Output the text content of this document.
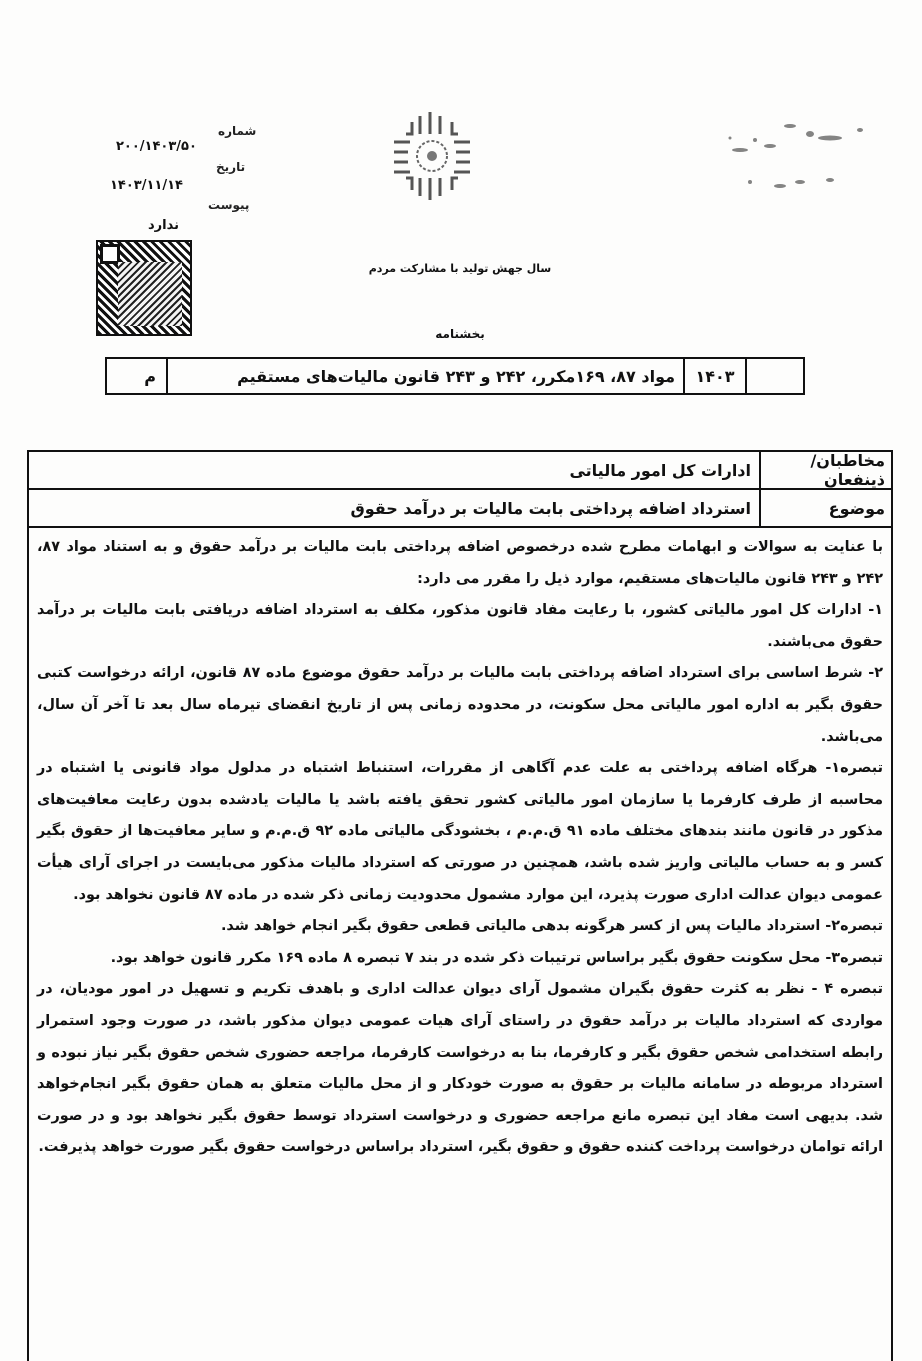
شماره
۲۰۰/۱۴۰۳/۵۰
تاریخ
۱۴۰۳/۱۱/۱۴
پیوست
ندارد
سال جهش تولید با مشارکت مردم
بخشنامه
۱۴۰۳
مواد ۸۷، ۱۶۹مکرر، ۲۴۲ و ۲۴۳ قانون مالیات‌های مستقیم
م
مخاطبان/ ذینفعان
ادارات کل امور مالیاتی
موضوع
استرداد اضافه پرداختی بابت مالیات بر درآمد حقوق

با عنایت به سوالات و ابهامات مطرح شده درخصوص اضافه پرداختی بابت مالیات بر درآمد حقوق و به استناد مواد ۸۷، ۲۴۲ و ۲۴۳ قانون مالیات‌های مستقیم، موارد ذیل را مقرر می دارد:

۱- ادارات کل امور مالیاتی کشور، با رعایت مفاد قانون مذکور، مکلف به استرداد اضافه دریافتی بابت مالیات بر درآمد حقوق می‌باشند.

۲- شرط اساسی برای استرداد اضافه پرداختی بابت مالیات بر درآمد حقوق موضوع ماده ۸۷ قانون، ارائه درخواست کتبی حقوق بگیر به اداره امور مالیاتی محل سکونت، در محدوده زمانی پس از تاریخ انقضای تیرماه سال بعد تا آخر آن سال، می‌باشد.

تبصره۱- هرگاه اضافه پرداختی به علت عدم آگاهی از مقررات، استنباط اشتباه در مدلول مواد قانونی یا اشتباه در محاسبه از طرف کارفرما یا سازمان امور مالیاتی کشور تحقق یافته باشد یا مالیات یادشده بدون رعایت معافیت‌های مذکور در قانون مانند بندهای مختلف ماده ۹۱ ق.م.م ، بخشودگی مالیاتی ماده ۹۲ ق.م.م و سایر معافیت‌ها از حقوق بگیر کسر و به حساب مالیاتی واریز شده باشد، همچنین در صورتی که استرداد مالیات مذکور می‌بایست در اجرای آرای هیأت عمومی دیوان عدالت اداری صورت پذیرد، این موارد مشمول محدودیت زمانی ذکر شده در ماده ۸۷ قانون نخواهد بود.

تبصره۲- استرداد مالیات پس از کسر هرگونه بدهی مالیاتی قطعی حقوق بگیر انجام خواهد شد.

تبصره۳- محل سکونت حقوق بگیر براساس ترتیبات ذکر شده در بند ۷ تبصره ۸ ماده ۱۶۹ مکرر قانون خواهد بود.

تبصره ۴ - نظر به کثرت حقوق بگیران مشمول آرای دیوان عدالت اداری و باهدف تکریم و تسهیل در امور مودیان، در مواردی که استرداد مالیات بر درآمد حقوق در راستای آرای هیات عمومی دیوان مذکور باشد، در صورت وجود استمرار رابطه استخدامی شخص حقوق بگیر و کارفرما، بنا به درخواست کارفرما، مراجعه حضوری شخص حقوق بگیر نیاز نبوده و استرداد مربوطه در سامانه مالیات بر حقوق به صورت خودکار و از محل مالیات متعلق به همان حقوق بگیر انجام‌خواهد شد. بدیهی است مفاد این تبصره مانع مراجعه حضوری و درخواست استرداد توسط حقوق بگیر نخواهد بود و در صورت ارائه توامان درخواست پرداخت کننده حقوق و حقوق بگیر، استرداد براساس درخواست حقوق بگیر صورت خواهد پذیرفت.
